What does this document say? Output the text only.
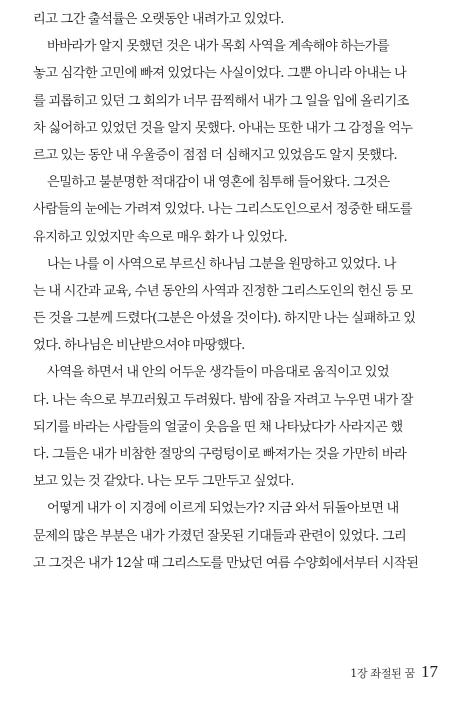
리고 그간 출석률은 오랫동안 내려가고 있었다.
바바라가 알지 못했던 것은 내가 목회 사역을 계속해야 하는가를
놓고 심각한 고민에 빠져 있었다는 사실이었다. 그뿐 아니라 아내는 나
를 괴롭히고 있던 그 회의가 너무 끔찍해서 내가 그 일을 입에 올리기조
차 싫어하고 있었던 것을 알지 못했다. 아내는 또한 내가 그 감정을 억누
르고 있는 동안 내 우울증이 점점 더 심해지고 있었음도 알지 못했다.
은밀하고 불분명한 적대감이 내 영혼에 침투해 들어왔다. 그것은
사람들의 눈에는 가려져 있었다. 나는 그리스도인으로서 정중한 태도를
유지하고 있었지만 속으로 매우 화가 나 있었다.
나는 나를 이 사역으로 부르신 하나님 그분을 원망하고 있었다. 나
는 내 시간과 교육, 수년 동안의 사역과 진정한 그리스도인의 헌신 등 모
든 것을 그분께 드렸다(그분은 아셨을 것이다). 하지만 나는 실패하고 있
었다. 하나님은 비난받으셔야 마땅했다.
사역을 하면서 내 안의 어두운 생각들이 마음대로 움직이고 있었
다. 나는 속으로 부끄러웠고 두려웠다. 밤에 잠을 자려고 누우면 내가 잘
되기를 바라는 사람들의 얼굴이 웃음을 띤 채 나타났다가 사라지곤 했
다. 그들은 내가 비참한 절망의 구렁텅이로 빠져가는 것을 가만히 바라
보고 있는 것 같았다. 나는 모두 그만두고 싶었다.
어떻게 내가 이 지경에 이르게 되었는가? 지금 와서 뒤돌아보면 내
문제의 많은 부분은 내가 가졌던 잘못된 기대들과 관련이 있었다. 그리
고 그것은 내가 12살 때 그리스도를 만났던 여름 수양회에서부터 시작된
1장 좌절된 꿈 17
